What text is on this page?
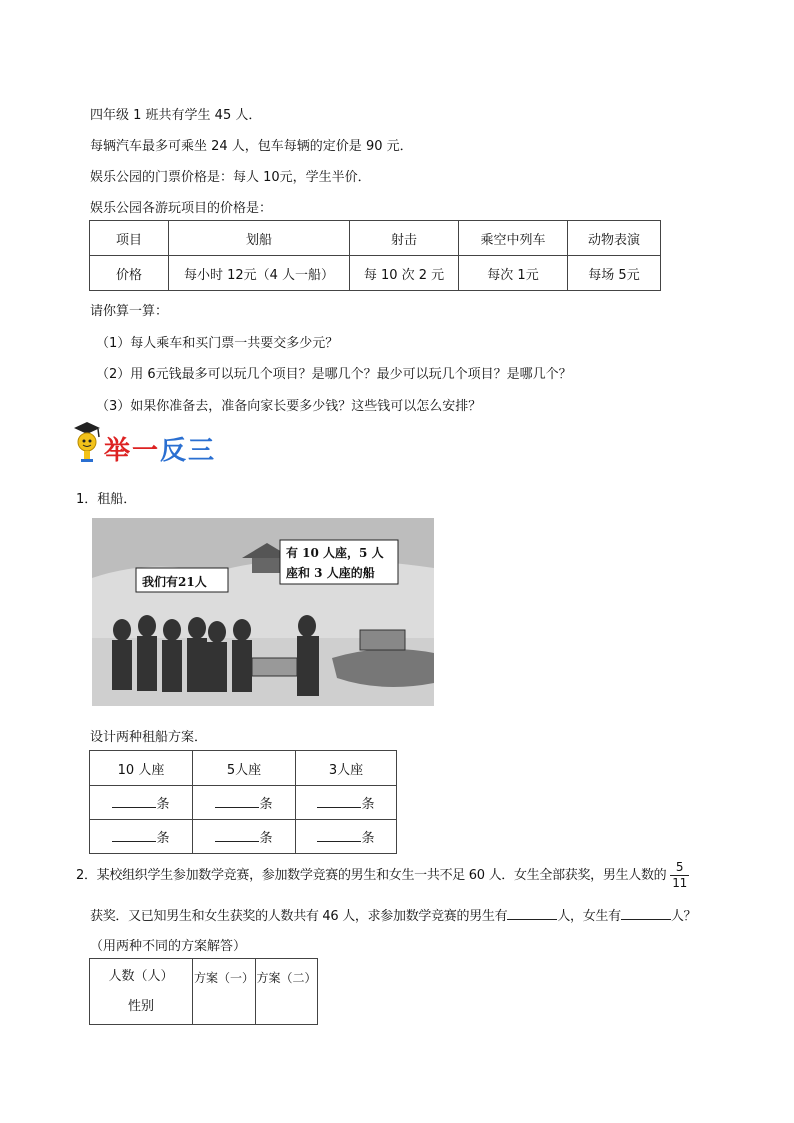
四年级 1 班共有学生 45 人．
每辆汽车最多可乘坐 24 人，包车每辆的定价是 90 元．
娱乐公园的门票价格是：每人 10元，学生半价．
娱乐公园各游玩项目的价格是：
项目	划船	射击	乘空中列车	动物表演
价格	每小时 12元（4 人一船）	每 10 次 2 元	每次 1元	每场 5元
请你算一算：
（1）每人乘车和买门票一共要交多少元？
（2）用 6元钱最多可以玩几个项目？是哪几个？最少可以玩几个项目？是哪几个？
（3）如果你准备去，准备向家长要多少钱？这些钱可以怎么安排？
举一反三
1．租船．
我们有21人
有 10 人座，5 人
座和 3 人座的船
设计两种租船方案．
10 人座	5人座	3人座
条	条	条
条	条	条
2．某校组织学生参加数学竞赛，参加数学竞赛的男生和女生一共不足 60 人．女生全部获奖，男生人数的 $\frac{5}{11}$
获奖．又已知男生和女生获奖的人数共有 46 人，求参加数学竞赛的男生有	人，女生有	人？
（用两种不同的方案解答）
人数（人）
性别
	方案（一）	方案（二）
